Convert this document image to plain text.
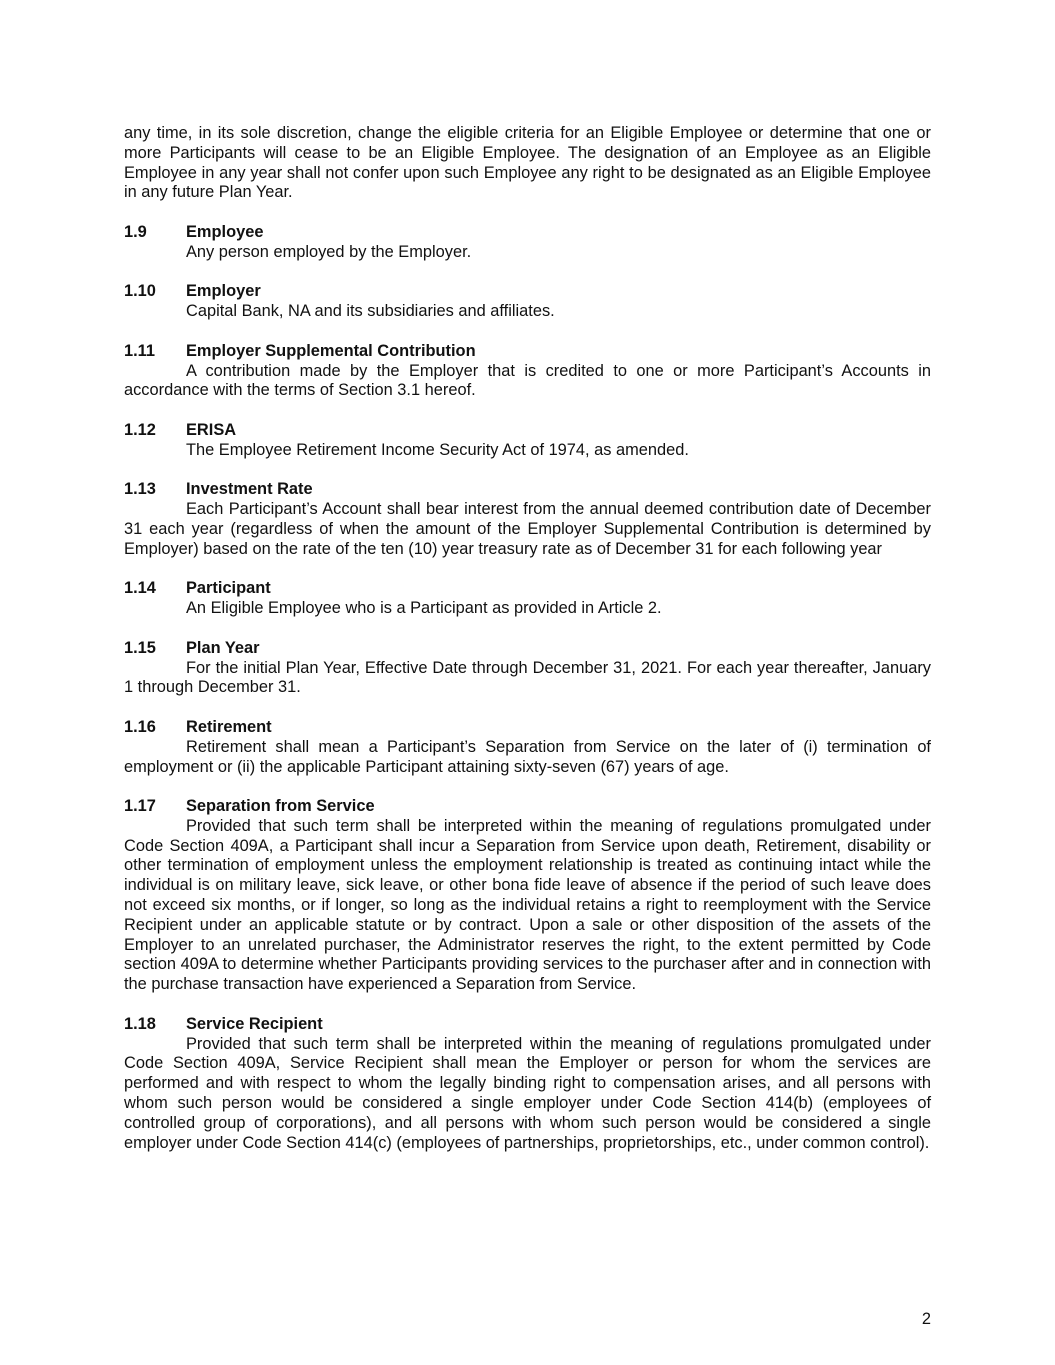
any time, in its sole discretion, change the eligible criteria for an Eligible Employee or determine that one or more Participants will cease to be an Eligible Employee. The designation of an Employee as an Eligible Employee in any year shall not confer upon such Employee any right to be designated as an Eligible Employee in any future Plan Year.

1.9	Employee

Any person employed by the Employer.

1.10	Employer

Capital Bank, NA and its subsidiaries and affiliates.

1.11	Employer Supplemental Contribution

A contribution made by the Employer that is credited to one or more Participant’s Accounts in accordance with the terms of Section 3.1 hereof.

1.12	ERISA

The Employee Retirement Income Security Act of 1974, as amended.

1.13	Investment Rate

Each Participant’s Account shall bear interest from the annual deemed contribution date of December 31 each year (regardless of when the amount of the Employer Supplemental Contribution is determined by Employer) based on the rate of the ten (10) year treasury rate as of December 31 for each following year

1.14	Participant

An Eligible Employee who is a Participant as provided in Article 2.

1.15	Plan Year

For the initial Plan Year, Effective Date through December 31, 2021. For each year thereafter, January 1 through December 31.

1.16	Retirement

Retirement shall mean a Participant’s Separation from Service on the later of (i) termination of employment or (ii) the applicable Participant attaining sixty-seven (67) years of age.

1.17	Separation from Service

Provided that such term shall be interpreted within the meaning of regulations promulgated under Code Section 409A, a Participant shall incur a Separation from Service upon death, Retirement, disability or other termination of employment unless the employment relationship is treated as continuing intact while the individual is on military leave, sick leave, or other bona fide leave of absence if the period of such leave does not exceed six months, or if longer, so long as the individual retains a right to reemployment with the Service Recipient under an applicable statute or by contract. Upon a sale or other disposition of the assets of the Employer to an unrelated purchaser, the Administrator reserves the right, to the extent permitted by Code section 409A to determine whether Participants providing services to the purchaser after and in connection with the purchase transaction have experienced a Separation from Service.

1.18	Service Recipient

Provided that such term shall be interpreted within the meaning of regulations promulgated under Code Section 409A, Service Recipient shall mean the Employer or person for whom the services are performed and with respect to whom the legally binding right to compensation arises, and all persons with whom such person would be considered a single employer under Code Section 414(b) (employees of controlled group of corporations), and all persons with whom such person would be considered a single employer under Code Section 414(c) (employees of partnerships, proprietorships, etc., under common control).

2
